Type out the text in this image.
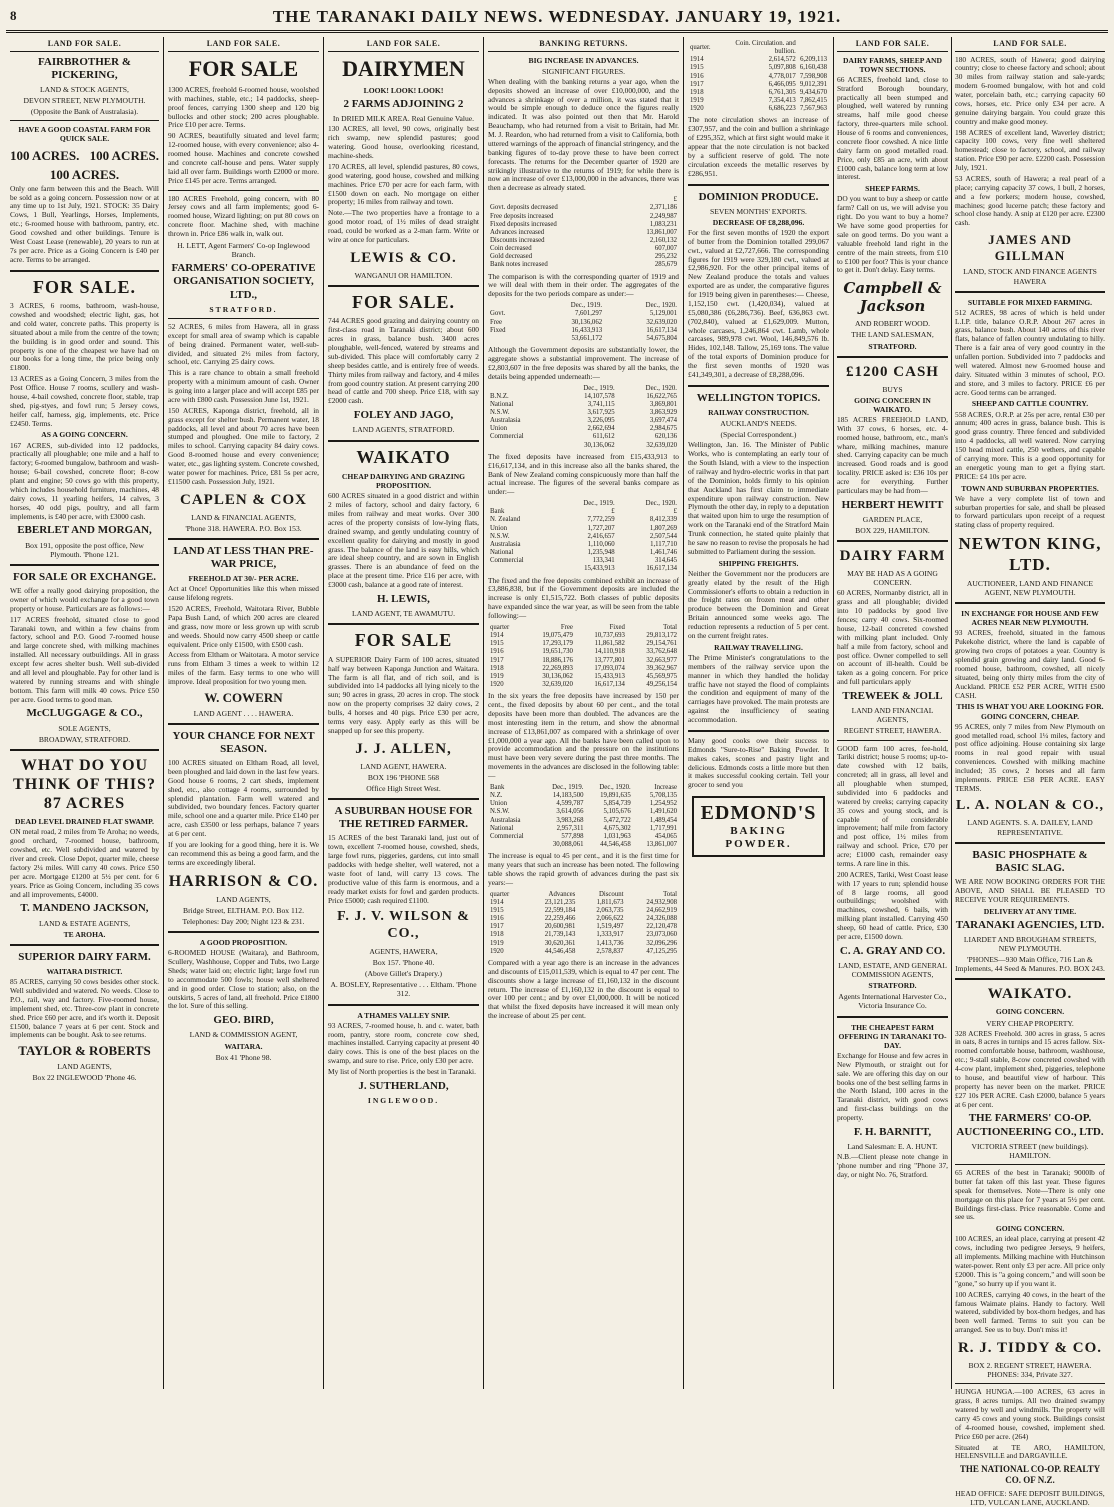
8	THE TARANAKI DAILY NEWS. WEDNESDAY. JANUARY 19, 1921.
LAND FOR SALE.
FAIRBROTHER & PICKERING,
LAND & STOCK AGENTS,
DEVON STREET, NEW PLYMOUTH.
(Opposite the Bank of Australasia).
HAVE A GOOD COASTAL FARM FOR QUICK SALE.
100 ACRES. 100 ACRES.
100 ACRES.

Only one farm between this and the Beach. Will be sold as a going concern. Possession now or at any time up to 1st July, 1921. STOCK: 35 Dairy Cows, 1 Bull, Yearlings, Horses, Implements, etc.; 6-roomed house with bathroom, pantry, etc. Good cowshed and other buildings. Tenure is West Coast Lease (renewable), 20 years to run at 7s per acre. Price as a Going Concern is £40 per acre. Terms to be arranged.

FOR SALE.

3 ACRES, 6 rooms, bathroom, wash-house, cowshed and woodshed; electric light, gas, hot and cold water, concrete paths. This property is situated about a mile from the centre of the town; the building is in good order and sound. This property is one of the cheapest we have had on our books for a long time, the price being only £1800.

13 ACRES as a Going Concern, 3 miles from the Post Office. House 7 rooms, scullery and wash-house, 4-bail cowshed, concrete floor, stable, trap shed, pig-styes, and fowl run; 5 Jersey cows, heifer calf, harness, gig, implements, etc. Price £2450. Terms.

AS A GOING CONCERN.

167 ACRES, sub-divided into 12 paddocks, practically all ploughable; one mile and a half to factory; 6-roomed bungalow, bathroom and wash-house; 6-bail cowshed, concrete floor; 8-cow plant and engine; 50 cows go with this property, which includes household furniture, machines, 48 dairy cows, 11 yearling heifers, 14 calves, 3 horses, 40 odd pigs, poultry, and all farm implements, is £40 per acre, with £3000 cash.

EBERLET AND MORGAN,
Box 191, opposite the post office, New Plymouth. 'Phone 121.
FOR SALE OR EXCHANGE.

WE offer a really good dairying proposition, the owner of which would exchange for a good town property or house. Particulars are as follows:—

117 ACRES freehold, situated close to good Taranaki town, and within a few chains from factory, school and P.O. Good 7-roomed house and large concrete shed, with milking machines installed. All necessary outbuildings. All in grass except few acres shelter bush. Well sub-divided and all level and ploughable. Pay for other land is watered by running streams and with shingle bottom. This farm will milk 40 cows. Price £50 per acre. Good terms to good man.

McCLUGGAGE & CO.,
SOLE AGENTS,
BROADWAY, STRATFORD.
WHAT DO YOU THINK OF THIS? 87 ACRES
DEAD LEVEL DRAINED FLAT SWAMP.

ON metal road, 2 miles from Te Aroha; no weeds, good orchard, 7-roomed house, bathroom, cowshed, etc. Well subdivided and watered by river and creek. Close Depot, quarter mile, cheese factory 2¼ miles. Will carry 40 cows. Price £50 per acre. Mortgage £1200 at 5½ per cent. for 6 years. Price as Going Concern, including 35 cows and all improvements, £4000.

T. MANDENO JACKSON,
LAND & ESTATE AGENTS,
TE AROHA.
SUPERIOR DAIRY FARM.
WAITARA DISTRICT.

85 ACRES, carrying 50 cows besides other stock. Well subdivided and watered. No weeds. Close to P.O., rail, way and factory. Five-roomed house, implement shed, etc. Three-cow plant in concrete shed. Price £60 per acre, and it's worth it. Deposit £1500, balance 7 years at 6 per cent. Stock and implements can be bought. Ask to see returns.

TAYLOR & ROBERTS
LAND AGENTS,
Box 22 INGLEWOOD 'Phone 46.
LAND FOR SALE.
FOR SALE

1300 ACRES, freehold 6-roomed house, woolshed with machines, stable, etc.; 14 paddocks, sheep-proof fences, carrying 1300 sheep and 120 big bullocks and other stock; 200 acres ploughable. Price £10 per acre. Terms.

90 ACRES, beautifully situated and level farm; 12-roomed house, with every convenience; also 4-roomed house. Machines and concrete cowshed and concrete calf-house and pens. Water supply laid all over farm. Buildings worth £2000 or more. Price £145 per acre. Terms arranged.

180 ACRES Freehold, going concern, with 80 Jersey cows and all farm implements; good 6-roomed house, Wizard lighting; on put 80 cows on concrete floor. Machine shed, with machine thrown in. Price £86 walk in, walk out.

H. LETT, Agent Farmers' Co-op Inglewood Branch.
FARMERS' CO-OPERATIVE ORGANISATION SOCIETY, LTD.,
STRATFORD.

52 ACRES, 6 miles from Hawera, all in grass except for small area of swamp which is capable of being drained. Permanent water, well-sub-divided, and situated 2½ miles from factory, school, etc. Carrying 25 dairy cows.

This is a rare chance to obtain a small freehold property with a minimum amount of cash. Owner is going into a larger place and will accept £85 per acre with £800 cash. Possession June 1st, 1921.

150 ACRES, Kaponga district, freehold, all in grass except for shelter bush. Permanent water, 18 paddocks, all level and about 70 acres have been stumped and ploughed. One mile to factory, 2 miles to school. Carrying capacity 84 dairy cows. Good 8-roomed house and every convenience; water, etc., gas lighting system. Concrete cowshed, water power for machines. Price, £81 5s per acre, £11500 cash. Possession July, 1921.

CAPLEN & COX
LAND & FINANCIAL AGENTS,
'Phone 318. HAWERA. P.O. Box 153.
LAND AT LESS THAN PRE-WAR PRICE,
FREEHOLD AT 30/- PER ACRE.

Act at Once! Opportunities like this when missed cause lifelong regrets.

1520 ACRES, Freehold, Waitotara River, Bubble Papa Bush Land, of which 200 acres are cleared and grass, now more or less grown up with scrub and weeds. Should now carry 4500 sheep or cattle equivalent. Price only £1500, with £500 cash.

Access from Eltham or Waitotara. A motor service runs from Eltham 3 times a week to within 12 miles of the farm. Easy terms to one who will improve. Ideal proposition for two young men.

W. COWERN
LAND AGENT . . . . HAWERA.
YOUR CHANCE FOR NEXT SEASON.

100 ACRES situated on Eltham Road, all level, been ploughed and laid down in the last few years. Good house 6 rooms, 2 cart sheds, implement shed, etc., also cottage 4 rooms, surrounded by splendid plantation. Farm well watered and subdivided, two boundary fences. Factory quarter mile, school one and a quarter mile. Price £140 per acre, cash £3500 or less perhaps, balance 7 years at 6 per cent.

If you are looking for a good thing, here it is. We can recommend this as being a good farm, and the terms are exceedingly liberal.

HARRISON & CO.
LAND AGENTS,
Bridge Street, ELTHAM. P.O. Box 112.
Telephones: Day 200; Night 123 & 231.
A GOOD PROPOSITION.

6-ROOMED HOUSE (Waitara), and Bathroom, Scullery, Washhouse, Copper and Tubs, two Large Sheds; water laid on; electric light; large fowl run to accommodate 500 fowls; house well sheltered and in good order. Close to station; also, on the outskirts, 5 acres of land, all freehold. Price £1800 the lot. Sure of this selling.

GEO. BIRD,
LAND & COMMISSION AGENT,
WAITARA.
Box 41 'Phone 98.
LAND FOR SALE.
DAIRYMEN
LOOK! LOOK! LOOK!
2 FARMS ADJOINING 2
In DRIED MILK AREA. Real Genuine Value.

130 ACRES, all level, 90 cows, originally best rich swamp, new splendid pastures; good watering. Good house, overlooking ricestand, machine-sheds.

170 ACRES, all level, splendid pastures, 80 cows, good watering, good house, cowshed and milking machines. Price £70 per acre for each farm, with £1500 down on each. No mortgage on either property; 16 miles from railway and town.

Note.—The two properties have a frontage to a good motor road, of 1½ miles of dead straight road, could be worked as a 2-man farm. Write or wire at once for particulars.

LEWIS & CO.
WANGANUI OR HAMILTON.
FOR SALE.

744 ACRES good grazing and dairying country on first-class road in Taranaki district; about 600 acres in grass, balance bush. 3400 acres ploughable, well-fenced, watered by streams and sub-divided. This place will comfortably carry 2 sheep besides cattle, and is entirely free of weeds. Thirty miles from railway and factory, and 4 miles from good country station. At present carrying 200 head of cattle and 700 sheep. Price £18, with say £2000 cash.

FOLEY AND JAGO,
LAND AGENTS, STRATFORD.
WAIKATO
CHEAP DAIRYING AND GRAZING PROPOSITION.

600 ACRES situated in a good district and within 2 miles of factory, school and dairy factory, 6 miles from railway and meat works. Over 300 acres of the property consists of low-lying flats, drained swamp, and gently undulating country of excellent quality for dairying and mostly in good grass. The balance of the land is easy hills, which are ideal sheep country, and are sown in English grasses. There is an abundance of feed on the place at the present time. Price £16 per acre, with £3000 cash, balance at a good rate of interest.

H. LEWIS,
LAND AGENT, TE AWAMUTU.
FOR SALE

A SUPERIOR Dairy Farm of 100 acres, situated half way between Kaponga Junction and Waitara. The farm is all flat, and of rich soil, and is subdivided into 14 paddocks all lying nicely to the sun; 90 acres in grass, 20 acres in crop. The stock now on the property comprises 32 dairy cows, 2 bulls, 4 horses and 40 pigs. Price £30 per acre, terms very easy. Apply early as this will be snapped up for see this property.

J. J. ALLEN,
LAND AGENT, HAWERA.
BOX 196 'PHONE 568
Office High Street West.
A SUBURBAN HOUSE FOR THE RETIRED FARMER.

15 ACRES of the best Taranaki land, just out of town, excellent 7-roomed house, cowshed, sheds, large fowl runs, piggeries, gardens, cut into small paddocks with hedge shelter, well watered, not a waste foot of land, will carry 13 cows. The productive value of this farm is enormous, and a ready market exists for fowl and garden products. Price £5000; cash required £1100.

F. J. V. WILSON & CO.,
AGENTS, HAWERA,
Box 157. 'Phone 40.
(Above Gillet's Drapery.)
A. BOSLEY, Representative . . . Eltham. 'Phone 312.
A THAMES VALLEY SNIP.

93 ACRES, 7-roomed house, h. and c. water, bath room, pantry, store room, concrete cow shed, machines installed. Carrying capacity at present 40 dairy cows. This is one of the best places on the swamp, and sure to rise. Price, only £30 per acre.

My list of North properties is the best in Taranaki.

J. SUTHERLAND,
INGLEWOOD.
BANKING RETURNS.
BIG INCREASE IN ADVANCES.
SIGNIFICANT FIGURES.

When dealing with the banking returns a year ago, when the deposits showed an increase of over £10,000,000, and the advances a shrinkage of over a million, it was stated that it would be simple enough to deduce once the figures really indicated. It was also pointed out then that Mr. Harold Beauchamp, who had returned from a visit to Britain, had Mr. M. J. Reardon, who had returned from a visit to California, both uttered warnings of the approach of financial stringency, and the banking figures of to-day prove these to have been correct forecasts. The returns for the December quarter of 1920 are strikingly illustrative to the returns of 1919; for while there is now an increase of over £13,000,000 in the advances, there was then a decrease as already stated.

	£
Govt. deposits decreased	2,371,186
Free deposits increased	2,249,987
Fixed deposits increased	1,083,231
Advances increased	13,861,007
Discounts increased	2,160,132
Coin decreased	607,007
Gold decreased	295,232
Bank notes increased	285,679

The comparison is with the corresponding quarter of 1919 and we will deal with them in their order. The aggregates of the deposits for the two periods compare as under:—

	Dec., 1919.	Dec., 1920.
Govt.	7,601,297	5,129,001
Free	30,136,062	32,639,020
Fixed	16,433,913	16,617,134
	53,661,172	54,675,804

Although the Government deposits are substantially lower, the aggregate shows a substantial improvement. The increase of £2,803,607 in the free deposits was shared by all the banks, the details being appended underneath:—

	Dec., 1919.	Dec., 1920.
B.N.Z.	14,107,578	16,622,765
National	3,741,115	3,869,801
N.S.W.	3,617,925	3,863,929
Australasia	3,226,095	3,697,474
Union	2,662,694	2,984,675
Commercial	611,612	620,136
	30,136,062	32,639,020

The fixed deposits have increased from £15,433,913 to £16,617,134, and in this increase also all the banks shared, the Bank of New Zealand coming conspicuously more than half the actual increase. The figures of the several banks compare as under:—

	Dec., 1919.	Dec., 1920.
Bank	£	£
N. Zealand	7,772,259	8,412,339
Union	1,727,207	1,807,269
N.S.W.	2,416,657	2,507,544
Australasia	1,110,060	1,117,710
National	1,235,948	1,461,746
Commercial	133,341	314,645
	15,433,913	16,617,134

The fixed and the free deposits combined exhibit an increase of £3,886,838, but if the Government deposits are included the increase is only £1,515,722. Both classes of public deposits have expanded since the war year, as will be seen from the table following:—

quarter	Free	Fixed	Total
1914	19,075,479	10,737,693	29,813,172
1915	17,293,179	11,861,582	29,154,761
1916	19,651,730	14,110,918	33,762,648
1917	18,886,176	13,777,801	32,663,977
1918	22,269,893	17,093,074	39,362,967
1919	30,136,062	15,433,913	45,569,975
1920	32,639,020	16,617,134	49,256,154

In the six years the free deposits have increased by 150 per cent., the fixed deposits by about 60 per cent., and the total deposits have been more than doubled. The advances are the most interesting item in the return, and show the abnormal increase of £13,861,007 as compared with a shrinkage of over £1,000,000 a year ago. All the banks have been called upon to provide accommodation and the pressure on the institutions must have been very severe during the past three months. The movements in the advances are disclosed in the following table:—

Bank	Dec., 1919.	Dec., 1920.	Increase
N.Z.	14,183,500	19,891,635	5,708,135
Union	4,599,787	5,854,739	1,254,952
N.S.W.	3,614,056	5,105,676	1,491,620
Australasia	3,983,268	5,472,722	1,489,454
National	2,957,311	4,675,302	1,717,991
Commercial	577,898	1,031,963	454,065
	30,088,061	44,546,458	13,861,007

The increase is equal to 45 per cent., and it is the first time for many years that such an increase has been noted. The following table shows the rapid growth of advances during the past six years:—

quarter	Advances	Discount	Total
1914	23,121,235	1,811,673	24,932,908
1915	22,599,184	2,063,735	24,662,919
1916	22,259,466	2,066,622	24,326,088
1917	20,600,981	1,519,497	22,120,478
1918	21,739,143	1,333,917	23,073,060
1919	30,620,361	1,413,736	32,096,296
1920	44,546,458	2,578,837	47,125,295

Compared with a year ago there is an increase in the advances and discounts of £15,011,539, which is equal to 47 per cent. The discounts show a large increase of £1,160,132 in the discount return. The increase of £1,160,132 in the discount is equal to over 100 per cent.; and by over £1,000,000. It will be noticed that whilst the fixed deposits have increased it will mean only the increase of about 25 per cent.

quarter.	Coin. Circulation. and bullion.	
1914	2,614,572	6,209,113
1915	5,097,808	6,160,438
1916	4,778,017	7,598,908
1917	6,466,095	9,012,391
1918	6,761,305	9,434,670
1919	7,354,413	7,862,415
1920	6,686,223	7,567,963

The note circulation shows an increase of £307,957, and the coin and bullion a shrinkage of £295,352, which at first sight would make it appear that the note circulation is not backed by a sufficient reserve of gold. The note circulation exceeds the metallic reserves by £286,951.

DOMINION PRODUCE.
SEVEN MONTHS' EXPORTS.
DECREASE OF £8,288,096.

For the first seven months of 1920 the export of butter from the Dominion totalled 299,067 cwt., valued at £2,727,666. The corresponding figures for 1919 were 329,180 cwt., valued at £2,986,920. For the other principal items of New Zealand produce the totals and values exported are as under, the comparative figures for 1919 being given in parentheses:— Cheese, 1,152,150 cwt. (1,420,034), valued at £5,080,386 (£6,286,736). Beef, 636,863 cwt. (702,840), valued at £1,629,009. Mutton, whole carcases, 1,246,864 cwt. Lamb, whole carcases, 989,978 cwt. Wool, 146,849,576 lb. Hides, 102,148. Tallow, 25,169 tons. The value of the total exports of Dominion produce for the first seven months of 1920 was £41,349,301, a decrease of £8,288,096.

WELLINGTON TOPICS.
RAILWAY CONSTRUCTION.
AUCKLAND'S NEEDS.
(Special Correspondent.)

Wellington, Jan. 16. The Minister of Public Works, who is contemplating an early tour of the South Island, with a view to the inspection of railway and hydro-electric works in that part of the Dominion, holds firmly to his opinion that Auckland has first claim to immediate expenditure upon railway construction. New Plymouth the other day, in reply to a deputation that waited upon him to urge the resumption of work on the Taranaki end of the Stratford Main Trunk connection, he stated quite plainly that he saw no reason to revise the proposals he had submitted to Parliament during the session.

SHIPPING FREIGHTS.

Neither the Government nor the producers are greatly elated by the result of the High Commissioner's efforts to obtain a reduction in the freight rates on frozen meat and other produce between the Dominion and Great Britain announced some weeks ago. The reduction represents a reduction of 5 per cent. on the current freight rates.

RAILWAY TRAVELLING.

The Prime Minister's congratulations to the members of the railway service upon the manner in which they handled the holiday traffic have not stayed the flood of complaints the condition and equipment of many of the carriages have provoked. The main protests are against the insufficiency of seating accommodation.

Many good cooks owe their success to Edmonds "Sure-to-Rise" Baking Powder. It makes cakes, scones and pastry light and delicious. Edmonds costs a little more but then it makes successful cooking certain. Tell your grocer to send you

EDMOND'S
BAKING POWDER.
LAND FOR SALE.
DAIRY FARMS, SHEEP AND TOWN SECTIONS.

66 ACRES, freehold land, close to Stratford Borough boundary, practically all been stumped and ploughed, well watered by running streams, half mile good cheese factory, three-quarters mile school. House of 6 rooms and conveniences, concrete floor cowshed. A nice little dairy farm on good metalled road. Price, only £85 an acre, with about £1000 cash, balance long term at low interest.

SHEEP FARMS.

DO you want to buy a sheep or cattle farm? Call on us, we will advise you right. Do you want to buy a home? We have some good properties for sale on good terms. Do you want a valuable freehold land right in the centre of the main streets, from £10 to £100 per foot? This is your chance to get it. Don't delay. Easy terms.

Campbell & Jackson
AND ROBERT WOOD.
THE LAND SALESMAN,
STRATFORD.
£1200 CASH
BUYS
GOING CONCERN IN WAIKATO.

185 ACRES FREEHOLD LAND, With 37 cows, 6 horses, etc. 4-roomed house, bathroom, etc., man's whare, milking machines, manure shed. Carrying capacity can be much increased. Good roads and is good locality. PRICE asked is: £36 10s per acre for everything. Further particulars may be had from—

HERBERT HEWITT
GARDEN PLACE,
BOX 229, HAMILTON.
DAIRY FARM
MAY BE HAD AS A GOING CONCERN.

60 ACRES, Normanby district, all in grass and all ploughable; divided into 10 paddocks by good live fences; carry 40 cows. Six-roomed house, 12-bail concreted cowshed with milking plant included. Only half a mile from factory, school and post office. Owner compelled to sell on account of ill-health. Could be taken as a going concern. For price and full particulars apply

TREWEEK & JOLL
LAND AND FINANCIAL AGENTS,
REGENT STREET, HAWERA.

GOOD farm 100 acres, fee-hold, Tariki district; house 5 rooms; up-to-date cowshed with 12 bails, concreted; all in grass, all level and all ploughable when stumped, subdivided into 6 paddocks and watered by creeks; carrying capacity 35 cows and young stock, and is capable of considerable improvement; half mile from factory and post office, 1½ miles from railway and school. Price, £70 per acre; £1000 cash, remainder easy terms. A rare line in this.

200 ACRES, Tariki, West Coast lease with 17 years to run; splendid house of 8 large rooms, all good outbuildings; woolshed with machines, cowshed, 6 bails, with milking plant installed. Carrying 450 sheep, 60 head of cattle. Price, £30 per acre, £1500 down.

C. A. GRAY AND CO.
LAND, ESTATE, AND GENERAL COMMISSION AGENTS,
STRATFORD.
Agents International Harvester Co., Victoria Insurance Co.
THE CHEAPEST FARM OFFERING IN TARANAKI TO-DAY.

Exchange for House and few acres in New Plymouth, or straight out for sale. We are offering this day on our books one of the best selling farms in the North Island, 100 acres in the Taranaki district, with good cows and first-class buildings on the property.

F. H. BARNITT,
Land Salesman: E. A. HUNT.

N.B.—Client please note change in 'phone number and ring "Phone 37, day, or night No. 76, Stratford.

LAND FOR SALE.

180 ACRES, south of Hawera; good dairying country; close to cheese factory and school; about 30 miles from railway station and sale-yards; modern 6-roomed bungalow, with hot and cold water, porcelain bath, etc.; carrying capacity 60 cows, horses, etc. Price only £34 per acre. A genuine dairying bargain. You could graze this country and make good money.

198 ACRES of excellent land, Waverley district; capacity 100 cows, very fine well sheltered homestead; close to factory, school, and railway station. Price £90 per acre. £2200 cash. Possession July, 1921.

53 ACRES, south of Hawera; a real pearl of a place; carrying capacity 37 cows, 1 bull, 2 horses, and a few porkers; modern house, cowshed, machines; good lucerne patch; these factory and school close handy. A snip at £120 per acre. £2300 cash.

JAMES AND GILLMAN
LAND, STOCK AND FINANCE AGENTS HAWERA
SUITABLE FOR MIXED FARMING.

512 ACRES, 98 acres of which is held under L.I.P. title, balance O.R.P. About 267 acres in grass, balance bush. About 140 acres of this river flats, balance of fallen country undulating to hilly. There is a fair area of very good country in the unfallen portion. Subdivided into 7 paddocks and well watered. Almost new 6-roomed house and dairy. Situated within 3 minutes of school, P.O. and store, and 3 miles to factory. PRICE £6 per acre. Good terms can be arranged.

SHEEP AND CATTLE COUNTRY.

558 ACRES, O.R.P. at 25s per acre, rental £30 per annum; 400 acres in grass, balance bush. This is good grass country. Three fenced and subdivided into 4 paddocks, all well watered. Now carrying 150 head mixed cattle, 250 wethers, and capable of carrying more. This is a good opportunity for an energetic young man to get a flying start. PRICE: £4 10s per acre.

TOWN AND SUBURBAN PROPERTIES.

We have a very complete list of town and suburban properties for sale, and shall be pleased to forward particulars upon receipt of a request stating class of property required.

NEWTON KING, LTD.
AUCTIONEER, LAND AND FINANCE AGENT, NEW PLYMOUTH.
IN EXCHANGE FOR HOUSE AND FEW ACRES NEAR NEW PLYMOUTH.

93 ACRES, freehold, situated in the famous Pukekohe district, where the land is capable of growing two crops of potatoes a year. Country is splendid grain growing and dairy land. Good 6-roomed house, bathroom, cowshed, all nicely situated, being only thirty miles from the city of Auckland. PRICE £52 PER ACRE, WITH £500 CASH.

THIS IS WHAT YOU ARE LOOKING FOR. GOING CONCERN, CHEAP.

95 ACRES, only 7 miles from New Plymouth on good metalled road, school 1¼ miles, factory and post office adjoining. House containing six large rooms in real good repair with usual conveniences. Cowshed with milking machine included; 35 cows, 2 horses and all farm implements. PRICE £58 PER ACRE. EASY TERMS.

L. A. NOLAN & CO.,
LAND AGENTS. S. A. DAILEY, LAND REPRESENTATIVE.
BASIC PHOSPHATE & BASIC SLAG.

WE ARE NOW BOOKING ORDERS FOR THE ABOVE, AND SHALL BE PLEASED TO RECEIVE YOUR REQUIREMENTS.

DELIVERY AT ANY TIME.
TARANAKI AGENCIES, LTD.
LIARDET AND BROUGHAM STREETS, NEW PLYMOUTH.
'PHONES—930 Main Office, 716 Lan & Implements, 44 Seed & Manures. P.O. BOX 243.
WAIKATO.
GOING CONCERN.
VERY CHEAP PROPERTY.

328 ACRES Freehold. 300 acres in grass, 5 acres in oats, 8 acres in turnips and 15 acres fallow. Six-roomed comfortable house, bathroom, washhouse, etc.; 9-stall stable, 8-cow concreted cowshed with 4-cow plant, implement shed, piggeries, telephone to house, and beautiful view of harbour. This property has never been on the market. PRICE £27 10s PER ACRE. Cash £2000, balance 5 years at 6 per cent.

THE FARMERS' CO-OP. AUCTIONEERING CO., LTD.
VICTORIA STREET (new buildings). HAMILTON.

65 ACRES of the best in Taranaki; 9000lb of butter fat taken off this last year. These figures speak for themselves. Note—There is only one mortgage on this place for 7 years at 5½ per cent. Buildings first-class. Price reasonable. Come and see us.

GOING CONCERN.

100 ACRES, an ideal place, carrying at present 42 cows, including two pedigree Jerseys, 9 heifers, all implements. Milking machine with Hutchinson water-power. Rent only £3 per acre. All price only £2000. This is "a going concern," and will soon be "gone," so hurry up if you want it.

100 ACRES, carrying 40 cows, in the heart of the famous Waimate plains. Handy to factory. Well watered, subdivided by box-thorn hedges, and has been well farmed. Terms to suit you can be arranged. See us to buy. Don't miss it!

R. J. TIDDY & CO.
BOX 2. REGENT STREET, HAWERA. PHONES: 334, Private 327.

HUNGA HUNGA.—100 ACRES, 63 acres in grass, 8 acres turnips. All two drained swampy watered by well and windmills. The property will carry 45 cows and young stock. Buildings consist of 4-roomed house, cowshed, implement shed. Price £60 per acre. (264)

Situated at TE ARO, HAMILTON, HELENSVILLE and DARGAVILLE.

THE NATIONAL CO-OP. REALTY CO. OF N.Z.
HEAD OFFICE: SAFE DEPOSIT BUILDINGS, LTD, VULCAN LANE, AUCKLAND.
